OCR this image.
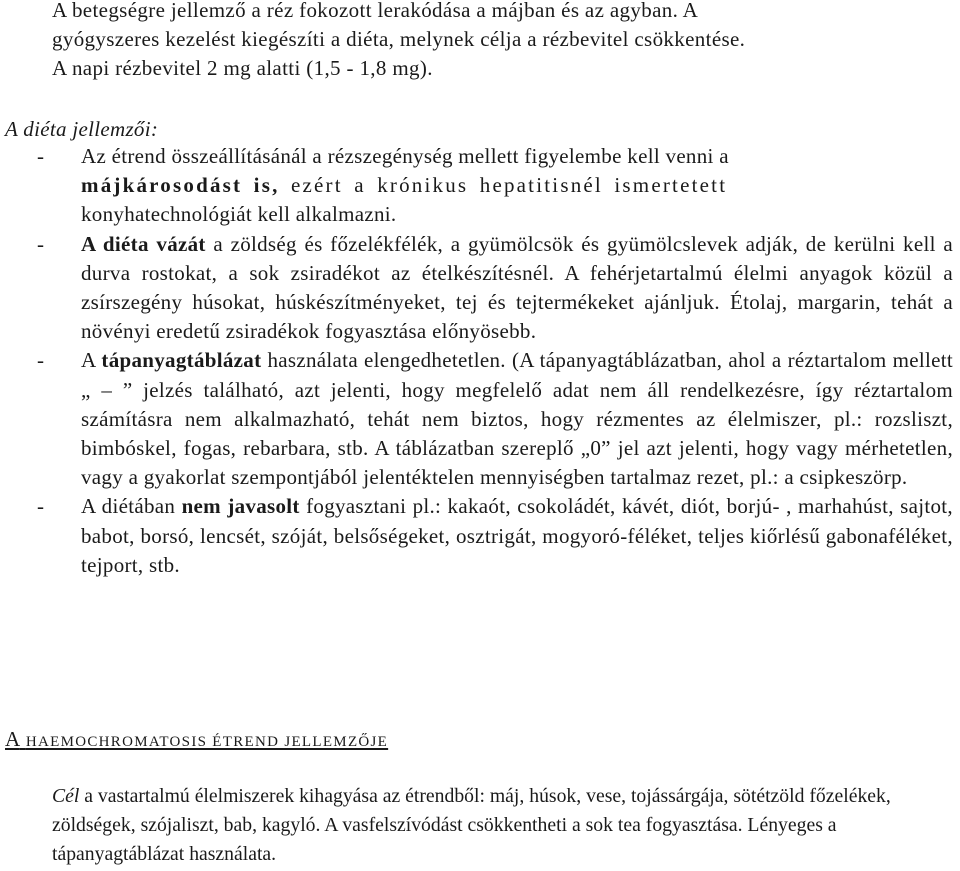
A betegségre jellemző a réz fokozott lerakódása a májban és az agyban. A
gyógyszeres kezelést kiegészíti a diéta, melynek célja a rézbevitel csökkentése.
A napi rézbevitel 2 mg alatti (1,5 - 1,8 mg).
A diéta jellemzői:
- Az étrend összeállításánál a rézszegénység mellett figyelembe kell venni a

májkárosodást is, ezért a krónikus hepatitisnél ismertetett

konyhatechnológiát kell alkalmazni.

- A diéta vázát a zöldség és főzelékfélék, a gyümölcsök és gyümölcslevek adják, de kerülni kell a durva rostokat, a sok zsiradékot az ételkészítésnél. A fehérjetartalmú élelmi anyagok közül a zsírszegény húsokat, húskészítményeket, tej és tejtermékeket ajánljuk. Étolaj, margarin, tehát a növényi eredetű zsiradékok fogyasztása előnyösebb.

- A tápanyagtáblázat használata elengedhetetlen. (A tápanyagtáblázatban, ahol a réztartalom mellett „ – ” jelzés található, azt jelenti, hogy megfelelő adat nem áll rendelkezésre, így réztartalom számításra nem alkalmazható, tehát nem biztos, hogy rézmentes az élelmiszer, pl.: rozsliszt, bimbóskel, fogas, rebarbara, stb. A táblázatban szereplő „0” jel azt jelenti, hogy vagy mérhetetlen, vagy a gyakorlat szempontjából jelentéktelen mennyiségben tartalmaz rezet, pl.: a csipkeszörp.

- A diétában nem javasolt fogyasztani pl.: kakaót, csokoládét, kávét, diót, borjú- , marhahúst, sajtot, babot, borsó, lencsét, szóját, belsőségeket, osztrigát, mogyoró-féléket, teljes kiőrlésű gabonaféléket, tejport, stb.

A HAEMOCHROMATOSIS ÉTREND JELLEMZŐJE
Cél a vastartalmú élelmiszerek kihagyása az étrendből: máj, húsok, vese, tojássárgája, sötétzöld főzelékek, zöldségek, szójaliszt, bab, kagyló. A vasfelszívódást csökkentheti a sok tea fogyasztása. Lényeges a tápanyagtáblázat használata.
